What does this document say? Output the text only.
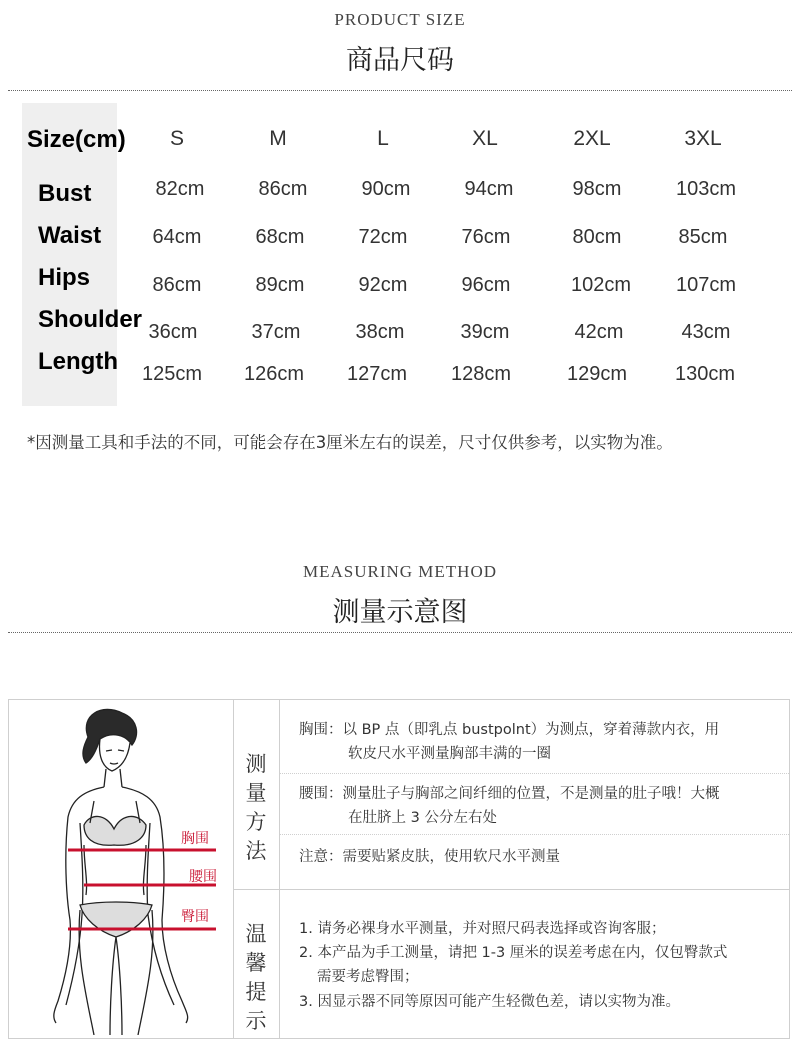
PRODUCT SIZE
商品尺码
Size(cm)	S	M	L	XL	2XL	3XL
Bust	82cm	86cm	90cm	94cm	98cm	103cm
Waist	64cm	68cm	72cm	76cm	80cm	85cm
Hips	86cm	89cm	92cm	96cm	102cm	107cm
Shoulder 36cm	37cm	38cm	39cm	42cm	43cm
Length	125cm	126cm	127cm	128cm	129cm	130cm
*因测量工具和手法的不同，可能会存在3厘米左右的误差，尺寸仅供参考，以实物为准。
MEASURING METHOD
测量示意图
胸围
腰围
臀围
测
量
方
法
温
馨
提
示
胸围：以 BP 点（即乳点 bustpolnt）为测点，穿着薄款内衣，用
软皮尺水平测量胸部丰满的一圈
腰围：测量肚子与胸部之间纤细的位置，不是测量的肚子哦！大概
在肚脐上 3 公分左右处
注意：需要贴紧皮肤，使用软尺水平测量
1. 请务必裸身水平测量，并对照尺码表选择或咨询客服；
2. 本产品为手工测量，请把 1-3 厘米的误差考虑在内，仅包臀款式
需要考虑臀围；
3. 因显示器不同等原因可能产生轻微色差，请以实物为准。
